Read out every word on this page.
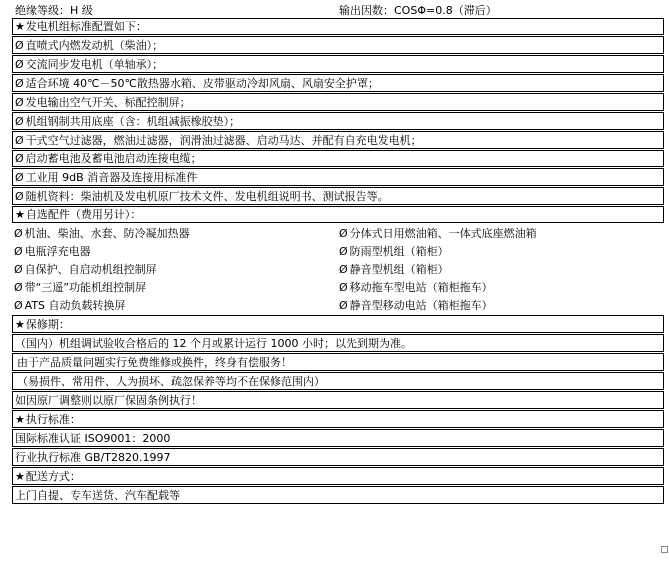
绝缘等级：H 级	输出因数：COSΦ=0.8（滞后）
★ 发电机组标准配置如下：
Ø 直喷式内燃发动机（柴油）；
Ø 交流同步发电机（单轴承）；
Ø 适合环境 40℃－50℃散热器水箱、皮带驱动冷却风扇、风扇安全护罩；
Ø 发电输出空气开关、标配控制屏；
Ø 机组钢制共用底座（含：机组减振橡胶垫）；
Ø 干式空气过滤器，燃油过滤器，润滑油过滤器、启动马达、并配有自充电发电机；
Ø 启动蓄电池及蓄电池启动连接电缆；
Ø 工业用 9dB 消音器及连接用标准件
Ø 随机资料：柴油机及发电机原厂技术文件、发电机组说明书、测试报告等。
★ 自选配件（费用另计）：
Ø 机油、柴油、水套、防冷凝加热器	Ø 分体式日用燃油箱、一体式底座燃油箱
Ø 电瓶浮充电器	Ø 防雨型机组（箱柜）
Ø 自保护、自启动机组控制屏	Ø 静音型机组（箱柜）
Ø 带“三遥”功能机组控制屏	Ø 移动拖车型电站（箱柜拖车）
Ø ATS 自动负载转换屏	Ø 静音型移动电站（箱柜拖车）
★ 保修期：
（国内）机组调试验收合格后的 12 个月或累计运行 1000 小时；以先到期为准。
由于产品质量问题实行免费维修或换件，终身有偿服务！
（易损件、常用件、人为损坏、疏忽保养等均不在保修范围内）
如因原厂调整则以原厂保固条例执行！
★ 执行标准：
国际标准认证 ISO9001：2000
行业执行标准 GB/T2820.1997
★ 配送方式：
上门自提、专车送货、汽车配载等
